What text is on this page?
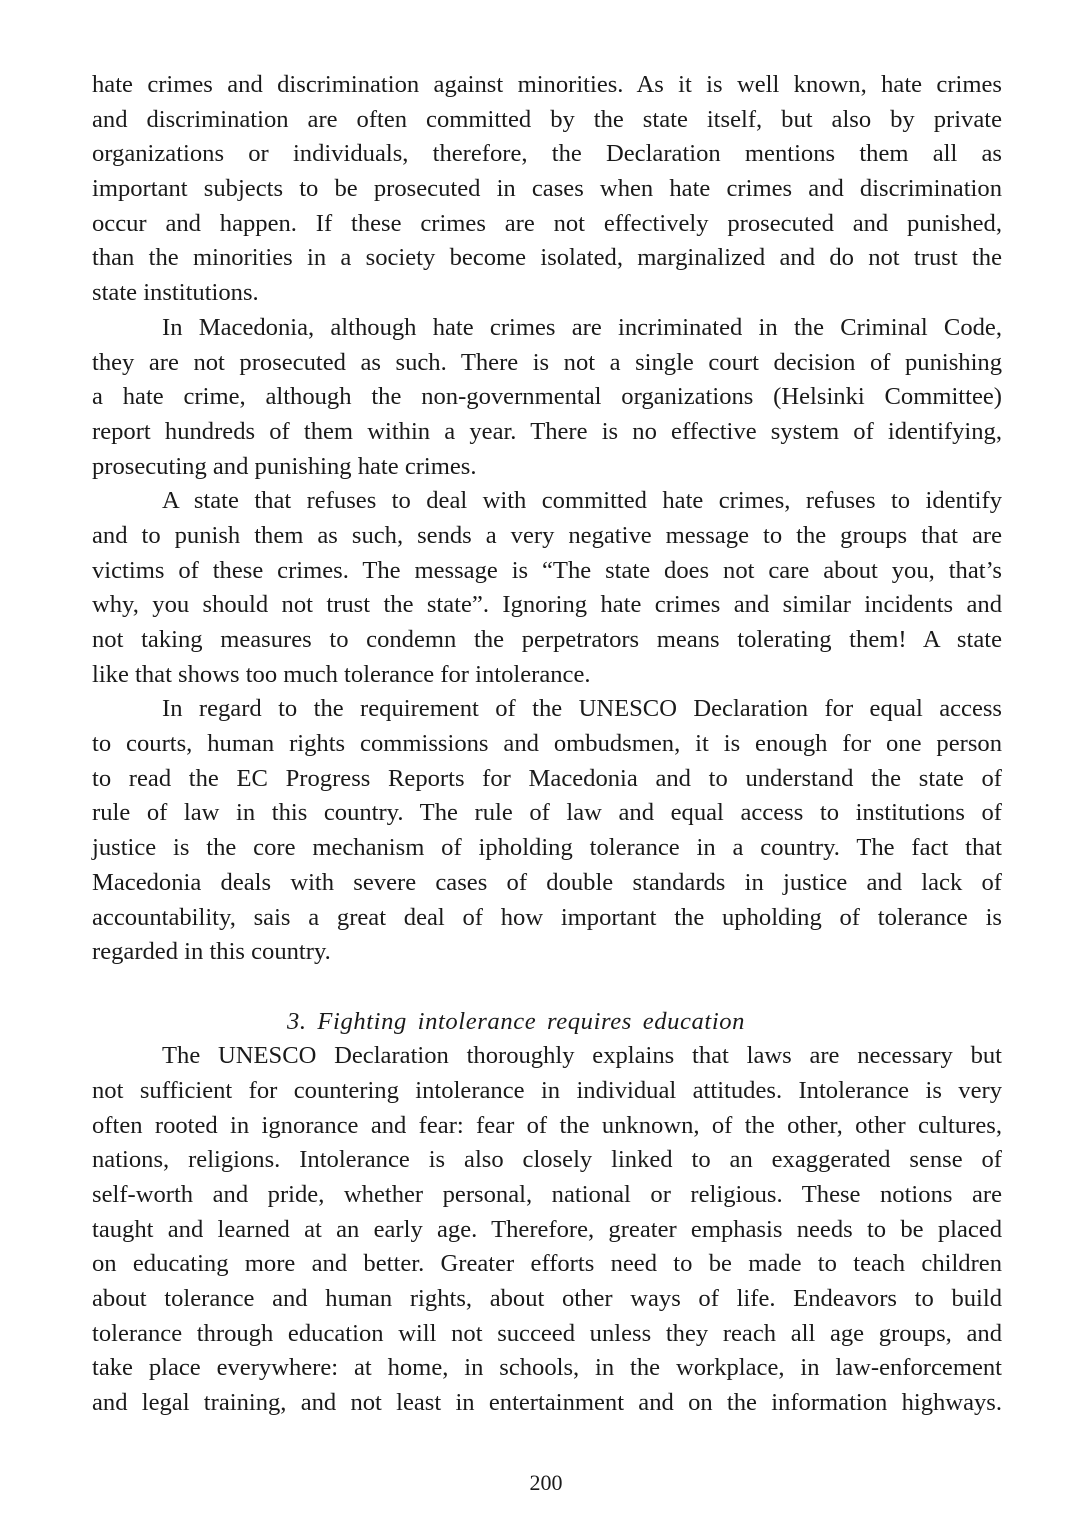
hate crimes and discrimination against minorities. As it is well known, hate crimes
and discrimination are often committed by the state itself, but also by private
organizations or individuals, therefore, the Declaration mentions them all as
important subjects to be prosecuted in cases when hate crimes and discrimination
occur and happen. If these crimes are not effectively prosecuted and punished,
than the minorities in a society become isolated, marginalized and do not trust the
state institutions.
In Macedonia, although hate crimes are incriminated in the Criminal Code,
they are not prosecuted as such. There is not a single court decision of punishing
a hate crime, although the non-governmental organizations (Helsinki Committee)
report hundreds of them within a year. There is no effective system of identifying,
prosecuting and punishing hate crimes.
A state that refuses to deal with committed hate crimes, refuses to identify
and to punish them as such, sends a very negative message to the groups that are
victims of these crimes. The message is “The state does not care about you, that’s
why, you should not trust the state”. Ignoring hate crimes and similar incidents and
not taking measures to condemn the perpetrators means tolerating them! A state
like that shows too much tolerance for intolerance.
In regard to the requirement of the UNESCO Declaration for equal access
to courts, human rights commissions and ombudsmen, it is enough for one person
to read the EC Progress Reports for Macedonia and to understand the state of
rule of law in this country. The rule of law and equal access to institutions of
justice is the core mechanism of ipholding tolerance in a country. The fact that
Macedonia deals with severe cases of double standards in justice and lack of
accountability, sais a great deal of how important the upholding of tolerance is
regarded in this country.
3. Fighting intolerance requires education
The UNESCO Declaration thoroughly explains that laws are necessary but
not sufficient for countering intolerance in individual attitudes. Intolerance is very
often rooted in ignorance and fear: fear of the unknown, of the other, other cultures,
nations, religions. Intolerance is also closely linked to an exaggerated sense of
self-worth and pride, whether personal, national or religious. These notions are
taught and learned at an early age. Therefore, greater emphasis needs to be placed
on educating more and better. Greater efforts need to be made to teach children
about tolerance and human rights, about other ways of life. Endeavors to build
tolerance through education will not succeed unless they reach all age groups, and
take place everywhere: at home, in schools, in the workplace, in law-enforcement
and legal training, and not least in entertainment and on the information highways.
200
